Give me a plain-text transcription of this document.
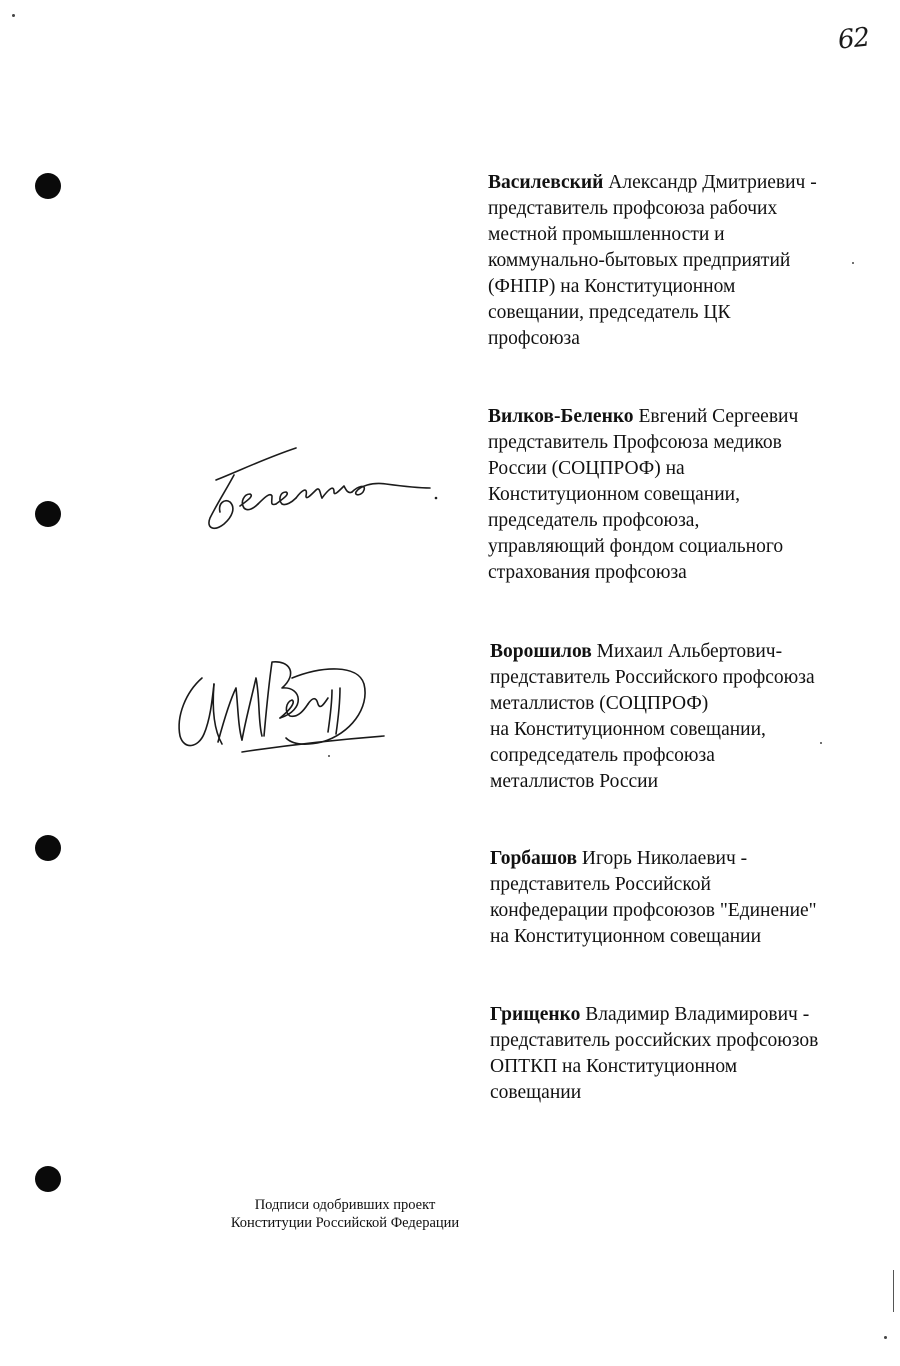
62
Василевский Александр Дмитриевич -
представитель профсоюза рабочих
местной промышленности и
коммунально-бытовых предприятий
(ФНПР) на Конституционном
совещании, председатель ЦК
профсоюза
Вилков-Беленко Евгений Сергеевич
представитель Профсоюза медиков
России (СОЦПРОФ) на
Конституционном совещании,
председатель профсоюза,
управляющий фондом социального
страхования профсоюза
Ворошилов Михаил Альбертович-
представитель Российского профсоюза
металлистов (СОЦПРОФ)
на Конституционном совещании,
сопредседатель профсоюза
металлистов России
Горбашов Игорь Николаевич -
представитель Российской
конфедерации профсоюзов "Единение"
на Конституционном совещании
Грищенко Владимир Владимирович -
представитель российских профсоюзов
ОПТКП на Конституционном
совещании
Подписи одобривших проект
Конституции Российской Федерации
